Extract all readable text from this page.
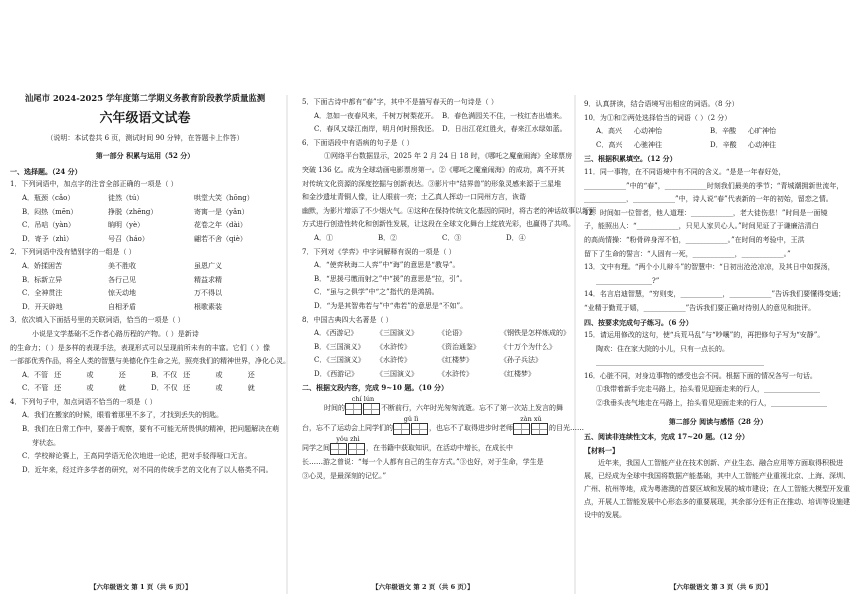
汕尾市 2024-2025 学年度第二学期义务教育阶段教学质量监测
六年级语文试卷
（说明：本试卷共 6 页，测试时间 90 分钟，在答题卡上作答）
第一部分 积累与运用（52 分）
一、选择题。（24 分）
1．下列词语中，加点字的注音全部正确的一项是（ ）
A．瓶颈（cǎo）	徒然（tú）	哄堂大笑（hōng）
B．闷热（mēn）	挣脱（zhēng）	寄寓一是（yǎn）
C．吊唁（yàn）	晌明（yè）	花卷之年（dài）
D．寄予（zhì）	号召（háo）	翩若不舍（qiè）
2．下列词语中没有错别字的一组是（ ）
A．娇揉困苦	美不胜收	虽恩广义
B．标新立异	各行己见	精益求精
C．全神贯注	惊天动地	万不得以
D．开天辟地	自相矛盾	根歌素装
3．依次填入下面括号里的关联词语，恰当的一项是（ ）
小说是文学基础不乏作者心路历程的产物。（ ）是新诗
的生命力；（ ）是多样的表现手法，表现形式可以呈现前所未有的丰富。它们（ ）像
一部部优秀作品，将全人类的智慧与美德化作生命之光，照亮我们的精神世界，净化心灵。
A．不管 还	或	还	B．不仅 还	或	还
C．不管 还	或	就	D．不仅 还	或	就
4．下列句子中，加点词语不恰当的一项是（ ）
A．我们在搬家的时候，眼看着那里不多了，才找到丢失的钥匙。
B．我们在日常工作中，要善于观察，要有不可能无所畏惧的精神，把问题解决在萌
芽状态。
C．学校辩论赛上，王高同学语无伦次地进一论述，把对手驳得哑口无言。
D．近年来，经过许多学者的研究，对不同的传统手艺的文化有了以人格类不同。
【六年级语文 第 1 页（共 6 页）】
5．下面古诗中都有“春”字，其中不是描写春天的一句诗是（ ）
A．忽如一夜春风来，千树万树梨花开。 B．春色满园关不住，一枝红杏出墙来。
C．春风又绿江南岸，明月何时照我还。 D．日出江花红胜火，春来江水绿如蓝。
6．下面语段中有语病的句子是（ ）
①网络平台数据显示，2025 年 2 月 24 日 18 时，《哪吒之魔童闹海》全球票房
突破 136 亿。成为全球动画电影票房第一。②《哪吒之魔童闹海》的成功，离不开其
对传统文化资源的深度挖掘与创新表达。③影片中“结界兽”的形象灵感来源于三星堆
和金沙遗址青铜人像，让人眼前一亮；土乙真人挥动一口同州方言，诙谐
幽默，为影片增添了不少烟火气。④这种在保持传统文化基因的同时，将古老的神话故事以新颖
方式进行创造性转化和创新性发展，让这段在全球文化舞台上绽放光彩，也赢得了共鸣。
A．①	B．②	C．③	D．④
7．下列对《学弈》中字词解释有误的一项是（ ）
A．“使弈秋诲二人弈”中“诲”的意思是“教导”。
B．“思援弓缴而射之”中“援”的意思是“拉，引”。
C．“虽与之俱学”中“之”指代的是鸿鹄。
D．“为是其智弗若与”中“弗若”的意思是“不如”。
8．中国古典四大名著是（ ）
A．《西游记》	《三国演义》	《论语》	《钢铁是怎样炼成的》
B．《三国演义》	《水浒传》	《资治通鉴》	《十万个为什么》
C．《三国演义》	《水浒传》	《红楼梦》	《孙子兵法》
D．《西游记》	《三国演义》	《水浒传》	《红楼梦》
二、根据文段内容，完成 9~10 题。（10 分）
时间的
chí lún

不断前行，六年时光匆匆流逝。忘不了第一次站上发言的舞
台，忘不了运动会上同学们的
gǔ lì

，也忘不了取得进步时老师
zàn xǔ

的目光……
同学之间
yǒu zhì

，在书籍中获取知识，在活动中增长，在成长中
长……游之曾说：“每一个人都有自己的生存方式。”③也好，对于生命，学生是
③心灵，是最深刻的记忆。”
【六年级语文 第 2 页（共 6 页）】
9．认真拼读，结合语境写出相应的词语。（8 分）
10．为①和②两处选择恰当的词语（ ）（2 分）
A．高兴	心动神怡	B．辛酸	心旷神怡
C．高兴	心驰神往	D．辛酸	心动神往
三、根据积累填空。（12 分）
11．同一事物，在不同语境中有不同的含义。“是是一年春好处，
____________”中的“春”，____________时刻我们最美的季节；“青城潮拥新世流年，
____________，____________”中，诗人说“春”代表新的一年的初始，留恋之情。
12．时间如一位智者，他人道理：____________，老大徒伤悲！”时间是一面镜
子，能照出人：“____________，只见人家贝心人。”时间见证了于谦廉洁清白
的高尚情操：“粉骨碎身浑不怕，____________。”在时间的考验中，王洪
留下了生命的誓言：“人固有一死，____________，____________。”
13．文中有理。“两个小儿辩斗”的智慧中：“日初出沧沧凉凉，及其日中如探汤，
________________?”
14．名言启迪智慧，“穷则变，____________，____________”告诉我们要懂得变通；
“业精于勤荒于嬉，____________”告诉我们要正确对待别人的意见和批评。
四、按要求完成句子练习。（6 分）
15．请运用修改的这句，使“兵荒马乱”与“吵嚷”的，再把修句子写为“安静”。
陶欢：住在家大院的小儿，只有一点长的。
________________________________________________
16．心脏不同，对身边事物的感受也会不同。根据下面的情况各写一句话。
①我带着新手完走马路上，抬头看见迎面走来的行人，________________
②我垂头丧气地走在马路上，抬头看见迎面走来的行人，________________
第二部分 阅读与感悟（28 分）
五、阅读非连续性文本，完成 17~20 题。（12 分）
【材料一】
近年来，我国人工智能产业在技术创新、产业生态、融合应用等方面取得积极进展，已经成为全球中我国将数据产能基础，其中人工智能产业重视北京、上海、深圳、广州、杭州等地，成为粤港澳的首要区域和发展的城市建设；在人工智能大模型开发重点，开展人工智能发展中心形态多的重要展现，其余部分还有正在推动、培训等设施建设中的发展。
【六年级语文 第 3 页（共 6 页）】
